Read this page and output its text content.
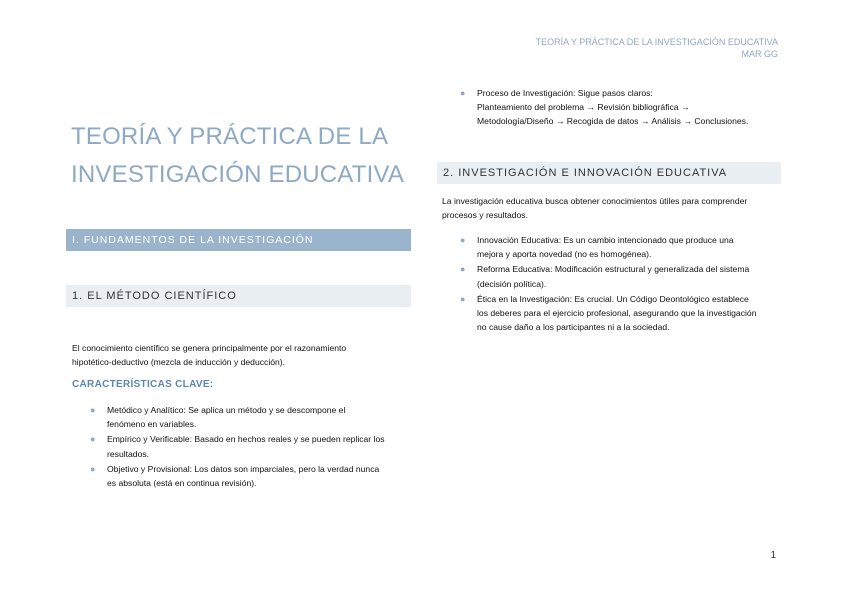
TEORÍA Y PRÁCTICA DE LA INVESTIGACIÓN EDUCATIVA
MAR GG
TEORÍA Y PRÁCTICA DE LA
INVESTIGACIÓN EDUCATIVA
I. FUNDAMENTOS DE LA INVESTIGACIÓN
1. EL MÉTODO CIENTÍFICO
El conocimiento científico se genera principalmente por el razonamiento
hipotético-deductivo (mezcla de inducción y deducción).
CARACTERÍSTICAS CLAVE:
● Metódico y Analítico: Se aplica un método y se descompone el
fenómeno en variables.
● Empírico y Verificable: Basado en hechos reales y se pueden replicar los
resultados.
● Objetivo y Provisional: Los datos son imparciales, pero la verdad nunca
es absoluta (está en continua revisión).
● Proceso de Investigación: Sigue pasos claros:
Planteamiento del problema → Revisión bibliográfica →
Metodología/Diseño → Recogida de datos → Análisis → Conclusiones.
2. INVESTIGACIÓN E INNOVACIÓN EDUCATIVA
La investigación educativa busca obtener conocimientos útiles para comprender
procesos y resultados.
● Innovación Educativa: Es un cambio intencionado que produce una
mejora y aporta novedad (no es homogénea).
● Reforma Educativa: Modificación estructural y generalizada del sistema
(decisión política).
● Ética en la Investigación: Es crucial. Un Código Deontológico establece
los deberes para el ejercicio profesional, asegurando que la investigación
no cause daño a los participantes ni a la sociedad.
1
